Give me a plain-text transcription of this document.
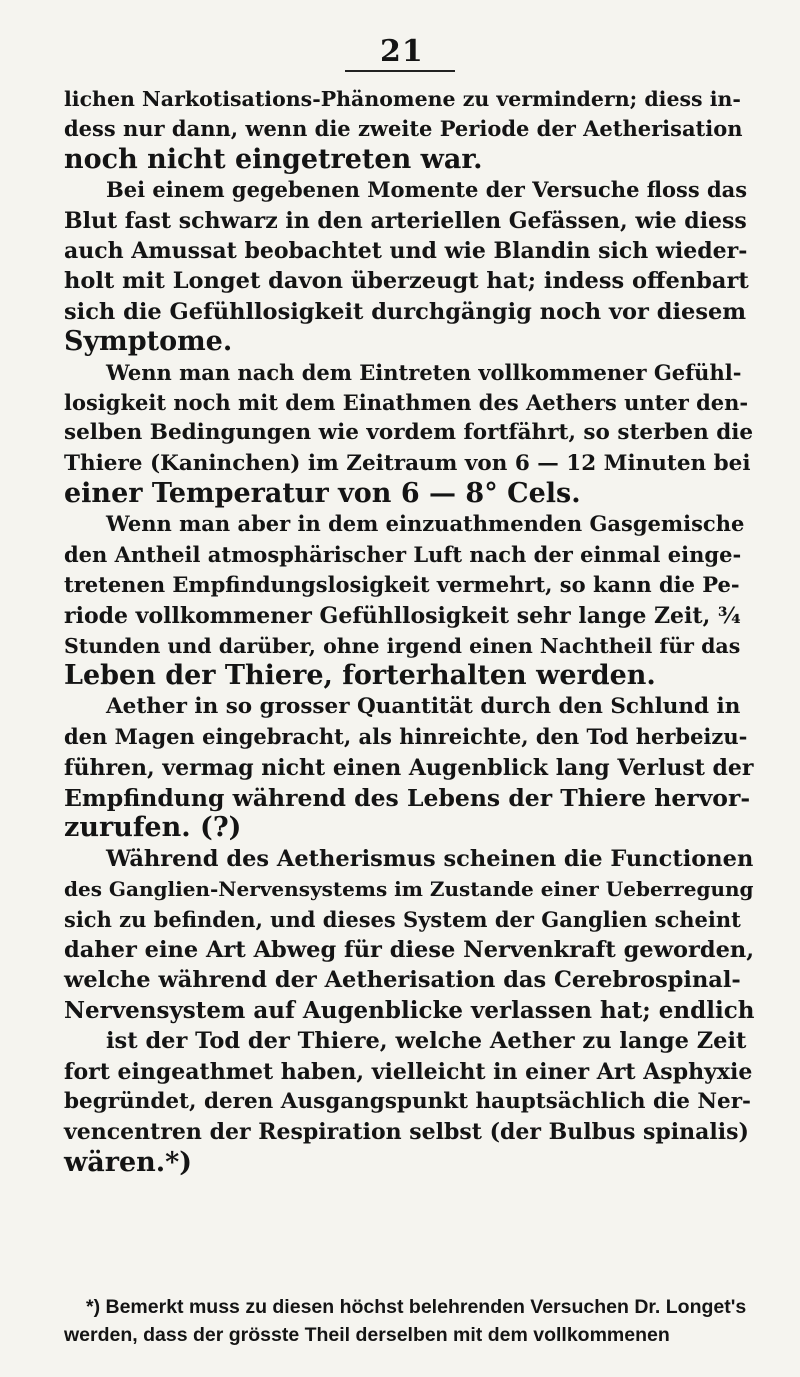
21
lichen Narkotisations-Phänomene zu vermindern; diess in-
dess nur dann, wenn die zweite Periode der Aetherisation
noch nicht eingetreten war.
Bei einem gegebenen Momente der Versuche floss das
Blut fast schwarz in den arteriellen Gefässen, wie diess
auch Amussat beobachtet und wie Blandin sich wieder-
holt mit Longet davon überzeugt hat; indess offenbart
sich die Gefühllosigkeit durchgängig noch vor diesem
Symptome.
Wenn man nach dem Eintreten vollkommener Gefühl-
losigkeit noch mit dem Einathmen des Aethers unter den-
selben Bedingungen wie vordem fortfährt, so sterben die
Thiere (Kaninchen) im Zeitraum von 6 — 12 Minuten bei
einer Temperatur von 6 — 8° Cels.
Wenn man aber in dem einzuathmenden Gasgemische
den Antheil atmosphärischer Luft nach der einmal einge-
tretenen Empfindungslosigkeit vermehrt, so kann die Pe-
riode vollkommener Gefühllosigkeit sehr lange Zeit, ¾
Stunden und darüber, ohne irgend einen Nachtheil für das
Leben der Thiere, forterhalten werden.
Aether in so grosser Quantität durch den Schlund in
den Magen eingebracht, als hinreichte, den Tod herbeizu-
führen, vermag nicht einen Augenblick lang Verlust der
Empfindung während des Lebens der Thiere hervor-
zurufen. (?)
Während des Aetherismus scheinen die Functionen
des Ganglien-Nervensystems im Zustande einer Ueberregung
sich zu befinden, und dieses System der Ganglien scheint
daher eine Art Abweg für diese Nervenkraft geworden,
welche während der Aetherisation das Cerebrospinal-
Nervensystem auf Augenblicke verlassen hat; endlich
ist der Tod der Thiere, welche Aether zu lange Zeit
fort eingeathmet haben, vielleicht in einer Art Asphyxie
begründet, deren Ausgangspunkt hauptsächlich die Ner-
vencentren der Respiration selbst (der Bulbus spinalis)
wären.*)
*) Bemerkt muss zu diesen höchst belehrenden Versuchen Dr. Longet's
werden, dass der grösste Theil derselben mit dem vollkommenen
